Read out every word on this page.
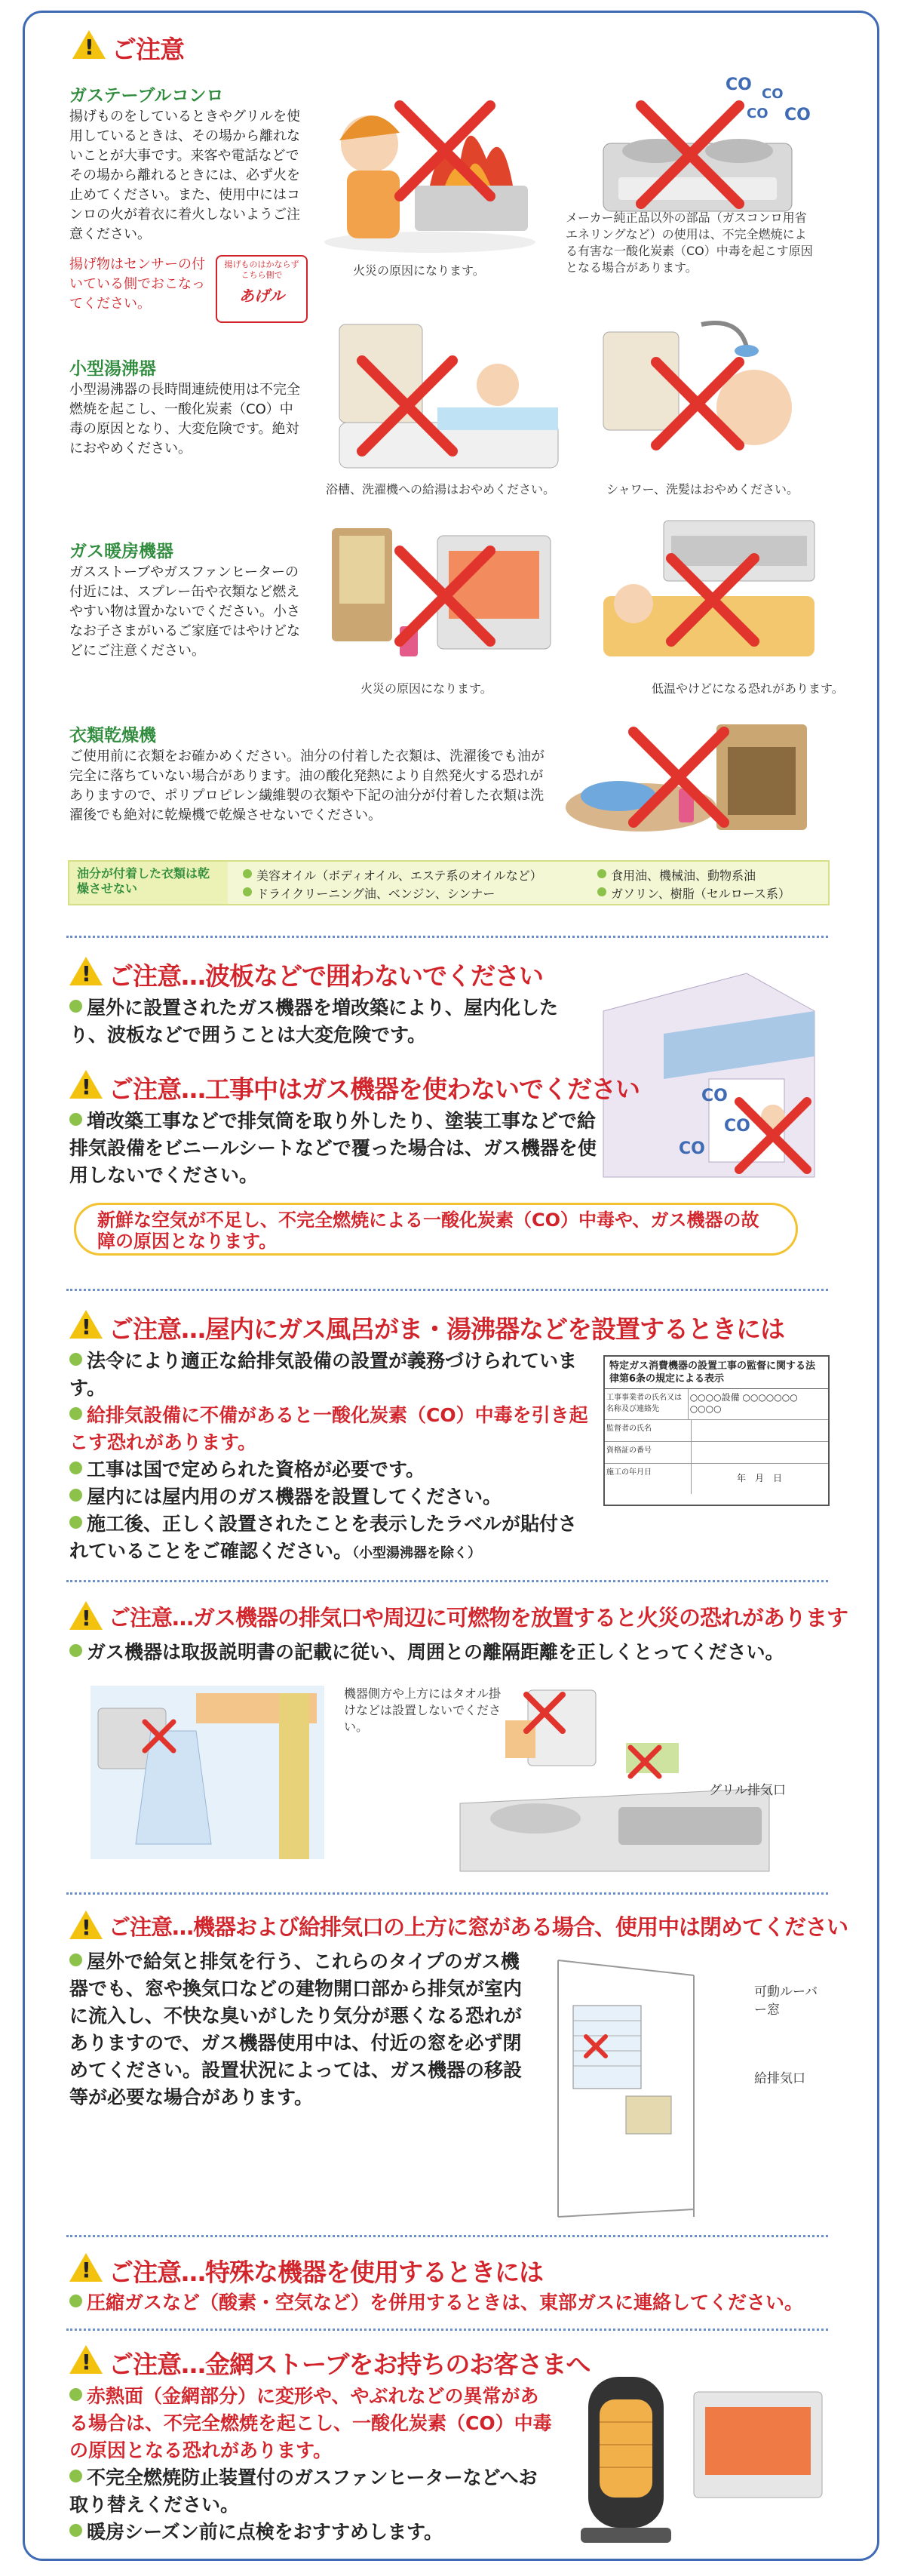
!
ご注意
ガステーブルコンロ
揚げものをしているときやグリルを使用しているときは、その場から離れないことが大事です。来客や電話などでその場から離れるときには、必ず火を止めてください。また、使用中にはコンロの火が着衣に着火しないようご注意ください。
揚げ物はセンサーの付いている側でおこなってください。
揚げものはかならずこちら側で
あげル
火災の原因になります。
CO CO
CO CO
メーカー純正品以外の部品（ガスコンロ用省エネリングなど）の使用は、不完全燃焼による有害な一酸化炭素（CO）中毒を起こす原因となる場合があります。
小型湯沸器
小型湯沸器の長時間連続使用は不完全燃焼を起こし、一酸化炭素（CO）中毒の原因となり、大変危険です。絶対におやめください。
浴槽、洗濯機への給湯はおやめください。	シャワー、洗髪はおやめください。
ガス暖房機器
ガスストーブやガスファンヒーターの付近には、スプレー缶や衣類など燃えやすい物は置かないでください。小さなお子さまがいるご家庭ではやけどなどにご注意ください。
火災の原因になります。	低温やけどになる恐れがあります。
衣類乾燥機
ご使用前に衣類をお確かめください。油分の付着した衣類は、洗濯後でも油が完全に落ちていない場合があります。油の酸化発熱により自然発火する恐れがありますので、ポリプロピレン繊維製の衣類や下記の油分が付着した衣類は洗濯後でも絶対に乾燥機で乾燥させないでください。
油分が付着した衣類は乾燥させない
美容オイル（ボディオイル、エステ系のオイルなど）
ドライクリーニング油、ベンジン、シンナー
食用油、機械油、動物系油
ガソリン、樹脂（セルロース系）
!
ご注意…波板などで囲わないでください
屋外に設置されたガス機器を増改築により、屋内化したり、波板などで囲うことは大変危険です。
CO
CO
CO
!
ご注意…工事中はガス機器を使わないでください
増改築工事などで排気筒を取り外したり、塗装工事などで給排気設備をビニールシートなどで覆った場合は、ガス機器を使用しないでください。
新鮮な空気が不足し、不完全燃焼による一酸化炭素（CO）中毒や、ガス機器の故障の原因となります。
!
ご注意…屋内にガス風呂がま・湯沸器などを設置するときには
法令により適正な給排気設備の設置が義務づけられています。
給排気設備に不備があると一酸化炭素（CO）中毒を引き起こす恐れがあります。
工事は国で定められた資格が必要です。
屋内には屋内用のガス機器を設置してください。
施工後、正しく設置されたことを表示したラベルが貼付されていることをご確認ください。（小型湯沸器を除く）
特定ガス消費機器の設置工事の監督に関する法律第6条の規定による表示
工事事業者の氏名又は名称及び連絡先
○○○○設備 ○○○○○○○ ○○○○
監督者の氏名
資格証の番号
施工の年月日
年　月　日
!
ご注意…ガス機器の排気口や周辺に可燃物を放置すると火災の恐れがあります
ガス機器は取扱説明書の記載に従い、周囲との離隔距離を正しくとってください。
機器側方や上方にはタオル掛けなどは設置しないでください。
グリル排気口
!
ご注意…機器および給排気口の上方に窓がある場合、使用中は閉めてください
屋外で給気と排気を行う、これらのタイプのガス機器でも、窓や換気口などの建物開口部から排気が室内に流入し、不快な臭いがしたり気分が悪くなる恐れがありますので、ガス機器使用中は、付近の窓を必ず閉めてください。設置状況によっては、ガス機器の移設等が必要な場合があります。
可動ルーバー窓
給排気口
!
ご注意…特殊な機器を使用するときには
圧縮ガスなど（酸素・空気など）を併用するときは、東部ガスに連絡してください。
!
ご注意…金網ストーブをお持ちのお客さまへ
赤熱面（金網部分）に変形や、やぶれなどの異常がある場合は、不完全燃焼を起こし、一酸化炭素（CO）中毒の原因となる恐れがあります。
不完全燃焼防止装置付のガスファンヒーターなどへお取り替えください。
暖房シーズン前に点検をおすすめします。
